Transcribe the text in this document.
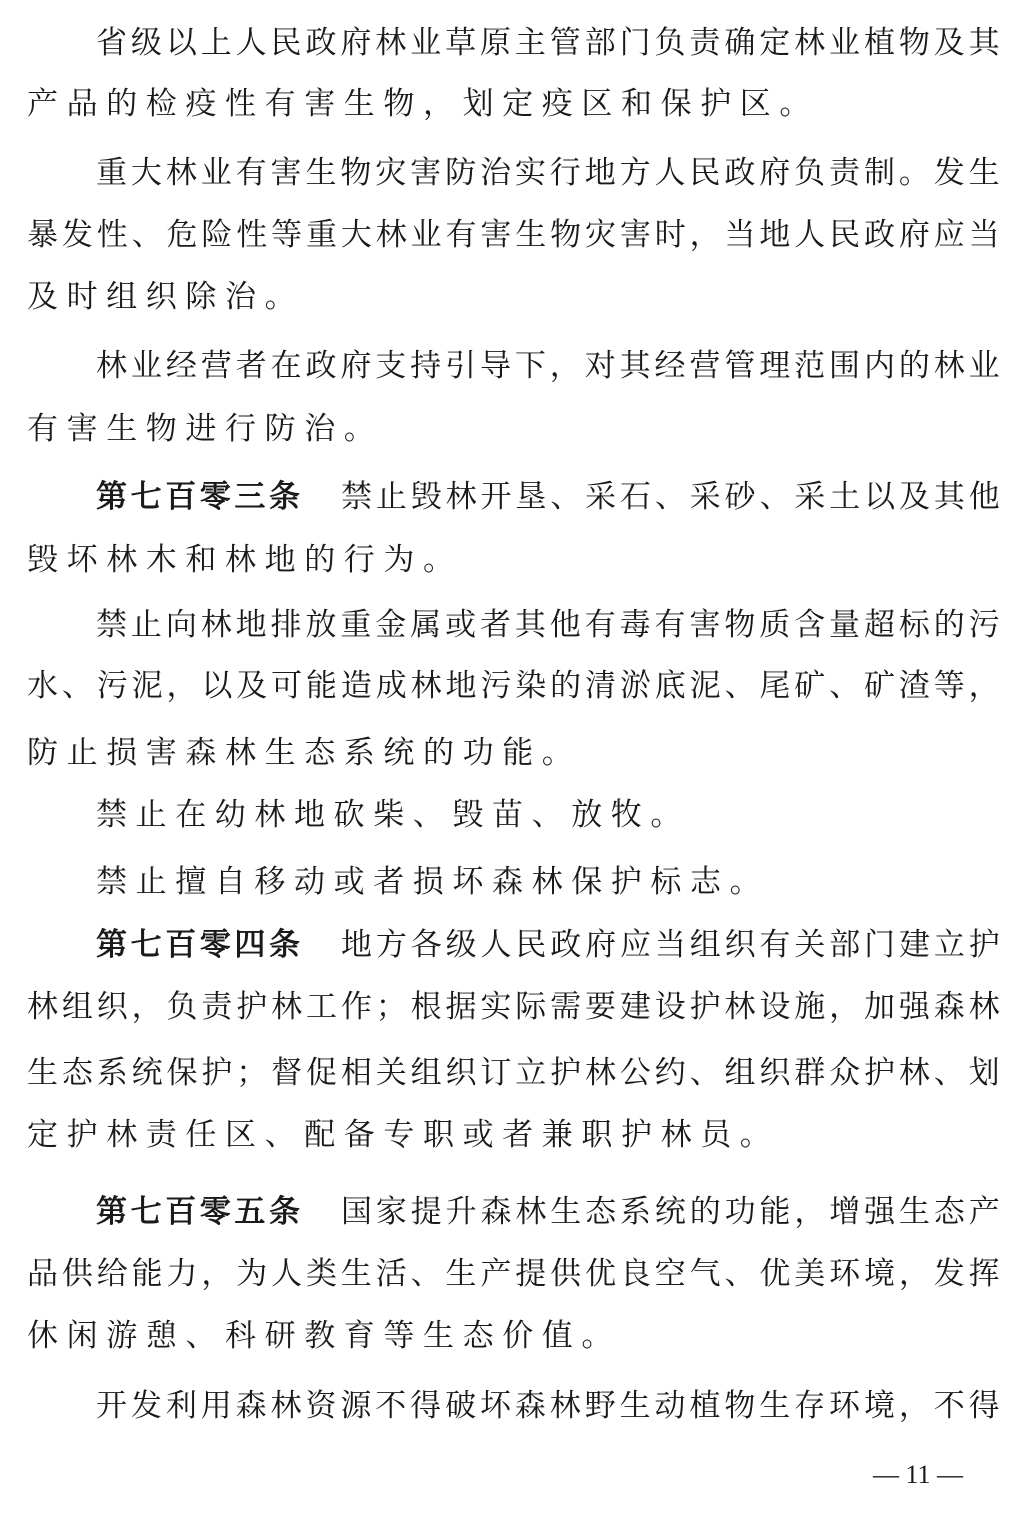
省 级 以 上 人 民 政 府 林 业 草 原 主 管 部 门 负 责 确 定 林 业 植 物 及 其
产品的检疫性有害生物，划定疫区和保护区。
重 大 林 业 有 害 生 物 灾 害 防 治 实 行 地 方 人 民 政 府 负 责 制 。 发 生
暴 发 性 、 危 险 性 等 重 大 林 业 有 害 生 物 灾 害 时 ， 当 地 人 民 政 府 应 当
及时组织除治。
林 业 经 营 者 在 政 府 支 持 引 导 下 ， 对 其 经 营 管 理 范 围 内 的 林 业
有害生物进行防治。
第 七 百 零 三 条 禁 止 毁 林 开 垦 、 采 石 、 采 砂 、 采 土 以 及 其 他
毁坏林木和林地的行为。
禁 止 向 林 地 排 放 重 金 属 或 者 其 他 有 毒 有 害 物 质 含 量 超 标 的 污
水 、 污 泥 ， 以 及 可 能 造 成 林 地 污 染 的 清 淤 底 泥 、 尾 矿 、 矿 渣 等 ，
防止损害森林生态系统的功能。
禁止在幼林地砍柴、毁苗、放牧。
禁止擅自移动或者损坏森林保护标志。
第 七 百 零 四 条 地 方 各 级 人 民 政 府 应 当 组 织 有 关 部 门 建 立 护
林 组 织 ， 负 责 护 林 工 作 ； 根 据 实 际 需 要 建 设 护 林 设 施 ， 加 强 森 林
生 态 系 统 保 护 ； 督 促 相 关 组 织 订 立 护 林 公 约 、 组 织 群 众 护 林 、 划
定护林责任区、配备专职或者兼职护林员。
第 七 百 零 五 条 国 家 提 升 森 林 生 态 系 统 的 功 能 ， 增 强 生 态 产
品 供 给 能 力 ， 为 人 类 生 活 、 生 产 提 供 优 良 空 气 、 优 美 环 境 ， 发 挥
休闲游憩、科研教育等生态价值。
开 发 利 用 森 林 资 源 不 得 破 坏 森 林 野 生 动 植 物 生 存 环 境 ， 不 得
— 11 —
